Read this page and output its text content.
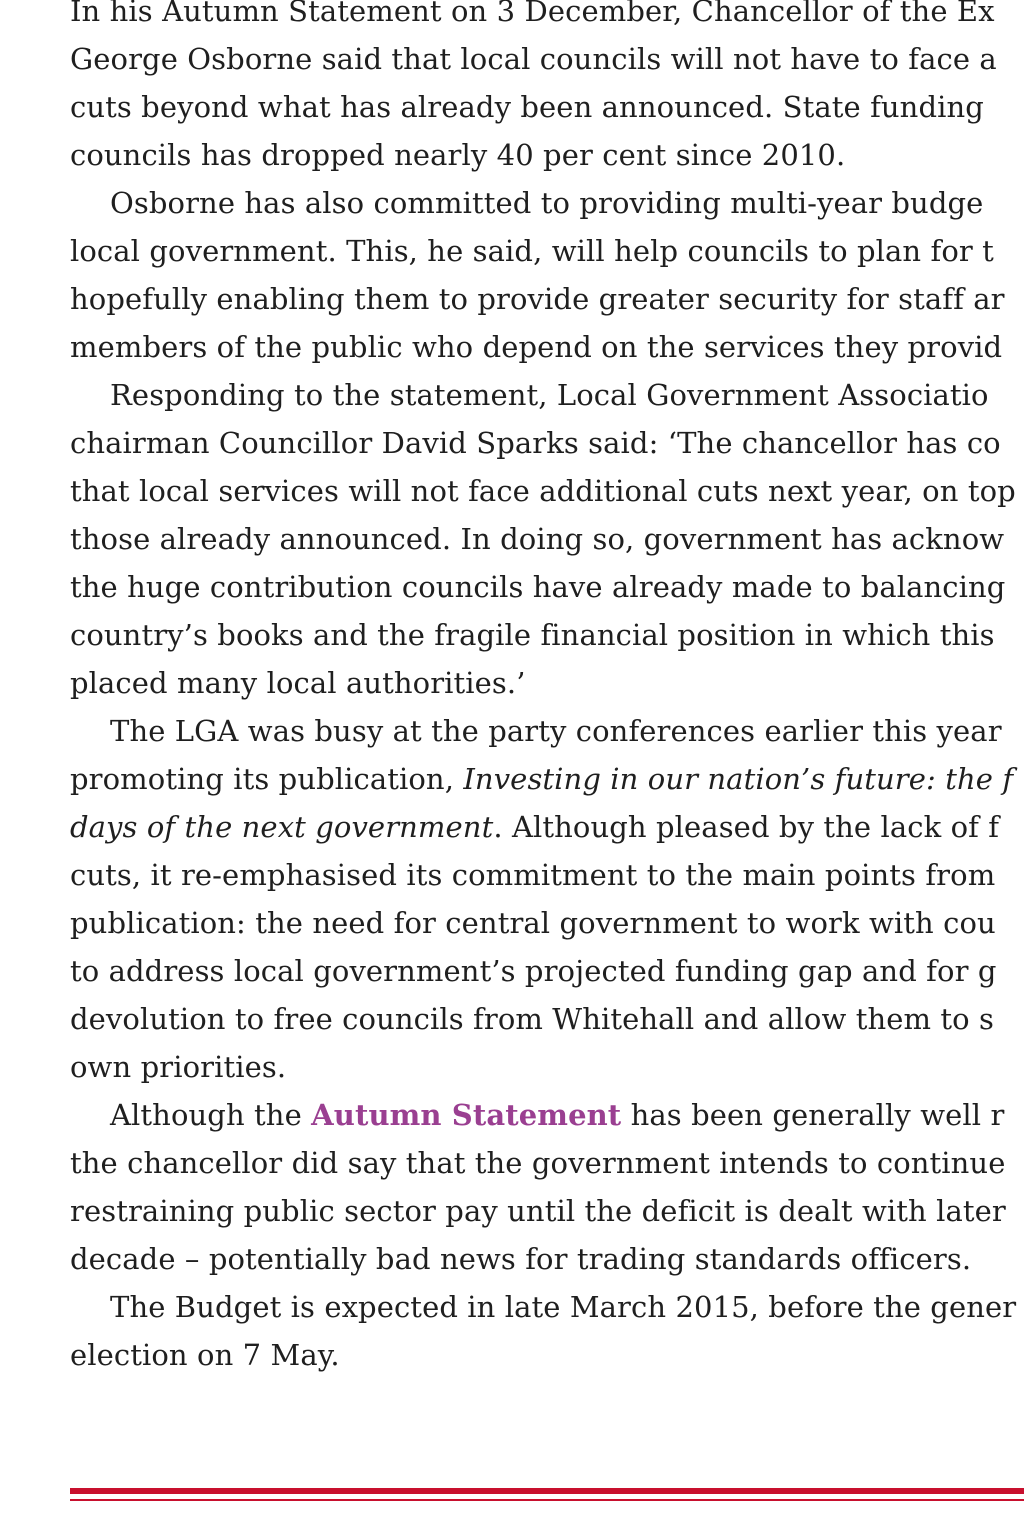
In his Autumn Statement on 3 December, Chancellor of the Ex
George Osborne said that local councils will not have to face a
cuts beyond what has already been announced. State funding
councils has dropped nearly 40 per cent since 2010.
Osborne has also committed to providing multi-year budge
local government. This, he said, will help councils to plan for t
hopefully enabling them to provide greater security for staff ar
members of the public who depend on the services they provid
Responding to the statement, Local Government Associatio
chairman Councillor David Sparks said: ‘The chancellor has co
that local services will not face additional cuts next year, on top
those already announced. In doing so, government has acknow
the huge contribution councils have already made to balancing
country’s books and the fragile financial position in which this
placed many local authorities.’
The LGA was busy at the party conferences earlier this year
promoting its publication, Investing in our nation’s future: the f
days of the next government. Although pleased by the lack of f
cuts, it re-emphasised its commitment to the main points from
publication: the need for central government to work with cou
to address local government’s projected funding gap and for g
devolution to free councils from Whitehall and allow them to s
own priorities.
Although the Autumn Statement has been generally well r
the chancellor did say that the government intends to continue
restraining public sector pay until the deficit is dealt with later
decade – potentially bad news for trading standards officers.
The Budget is expected in late March 2015, before the gener
election on 7 May.
